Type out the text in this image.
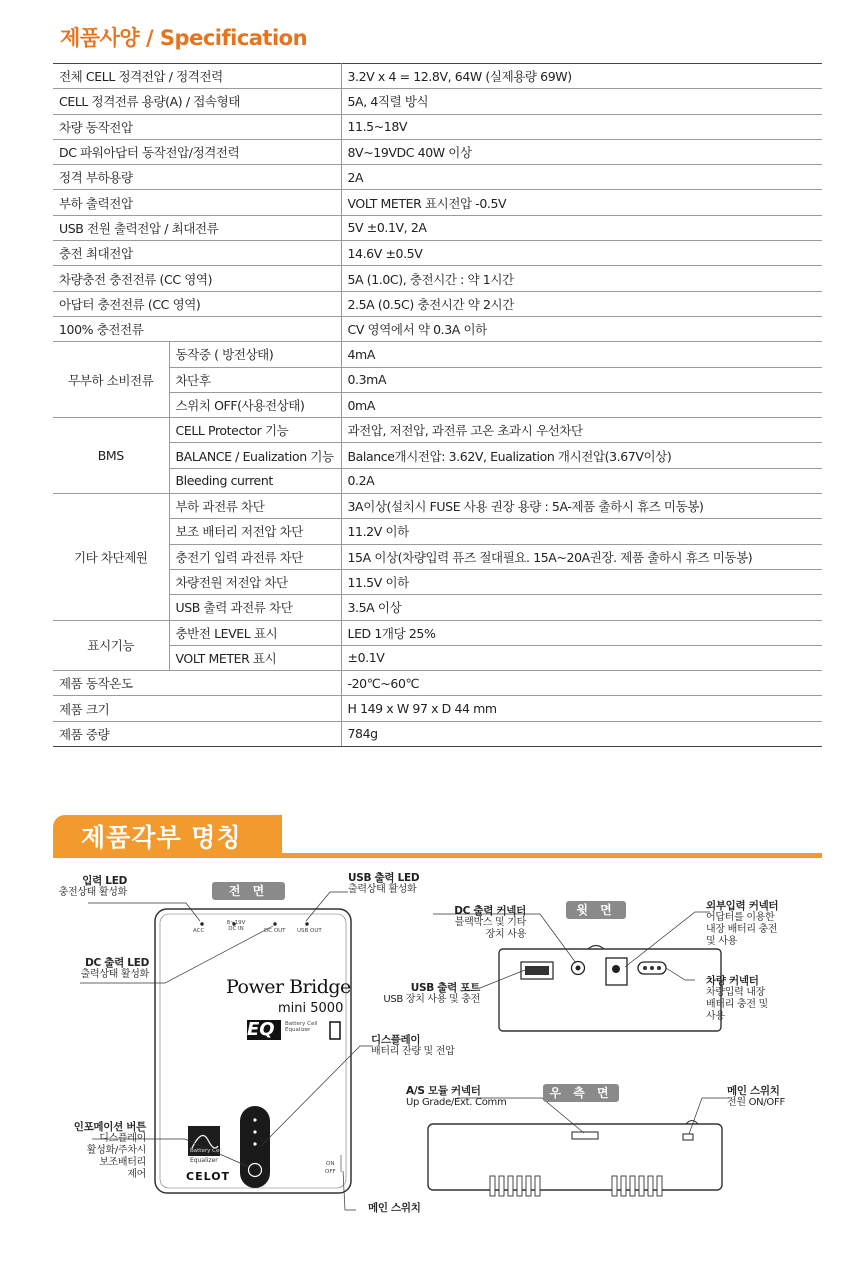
제품사양 / Specification
전체 CELL 정격전압 / 정격전력		3.2V x 4 = 12.8V, 64W (실제용량 69W)
CELL 정격전류 용량(A) / 접속형태		5A, 4직렬 방식
차량 동작전압		11.5~18V
DC 파워아답터 동작전압/정격전력		8V~19VDC 40W 이상
정격 부하용량		2A
부하 출력전압		VOLT METER 표시전압 -0.5V
USB 전원 출력전압 / 최대전류		5V ±0.1V, 2A
충전 최대전압		14.6V ±0.5V
차량충전 충전전류 (CC 영역)		5A (1.0C), 충전시간 : 약 1시간
아답터 충전전류 (CC 영역)		2.5A (0.5C) 충전시간 약 2시간
100% 충전전류		CV 영역에서 약 0.3A 이하
무부하 소비전류	동작중 ( 방전상태)	4mA
	차단후	0.3mA
	스위치 OFF(사용전상태)	0mA
BMS	CELL Protector 기능	과전압, 저전압, 과전류 고온 초과시 우선차단
	BALANCE / Eualization 기능	Balance개시전압: 3.62V, Eualization 개시전압(3.67V이상)
	Bleeding current	0.2A
기타 차단제원	부하 과전류 차단	3A이상(설치시 FUSE 사용 권장 용량 : 5A-제품 출하시 휴즈 미동봉)
	보조 배터리 저전압 차단	11.2V 이하
	충전기 입력 과전류 차단	15A 이상(차량입력 퓨즈 절대필요. 15A~20A권장. 제품 출하시 휴즈 미동봉)
	차량전원 저전압 차단	11.5V 이하
	USB 출력 과전류 차단	3.5A 이상
표시기능	충반전 LEVEL 표시	LED 1개당 25%
	VOLT METER 표시	±0.1V
제품 동작온도		-20℃~60℃
제품 크기		H 149 x W 97 x D 44 mm
제품 중량		784g
제품각부 명칭
전 면
윗 면
우 측 면
ACC
8~19V DC IN	DC OUT USB OUT
ON
OFF
Power Bridge
mini 5000
EQ Battery Cell Equalizer
Battery Cell
Equalizer
CELOT
입력 LED
충전상태 활성화
USB 출력 LED
출력상태 활성화
DC 출력 LED
출력상태 활성화
디스플레이
배터리 잔량 및 전압
인포메이션 버튼
디스플레이
활성화/주차시
보조배터리
제어
메인 스위치
DC 출력 커넥터
블랙박스 및 기타
장치 사용
USB 출력 포트
USB 장치 사용 및 충전
외부입력 커넥터
어답터를 이용한
내장 배터리 충전
및 사용
차량 커넥터
차량입력 내장
배터리 충전 및
사용
A/S 모듈 커넥터
Up Grade/Ext. Comm
메인 스위치
전원 ON/OFF
